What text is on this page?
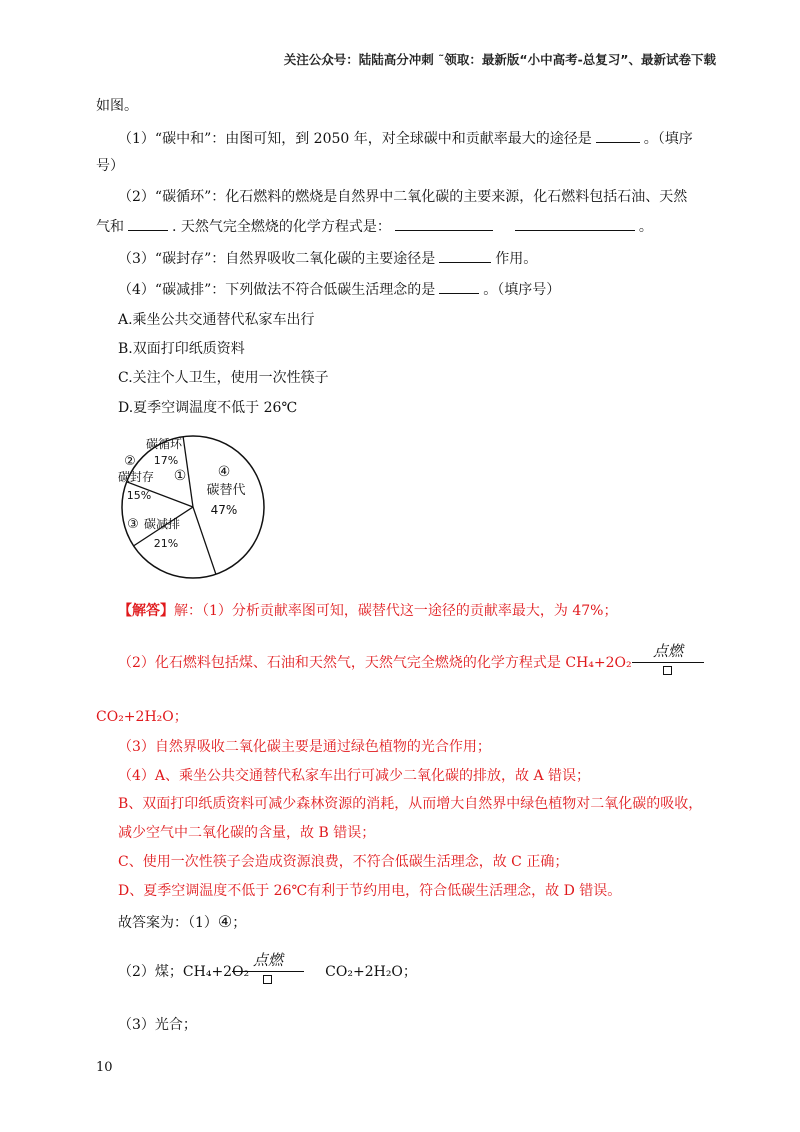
关注公众号：陆陆高分冲刺 ˜领取：最新版“小中高考-总复习”、最新试卷下载
如图。
（1）“碳中和”：由图可知，到 2050 年，对全球碳中和贡献率最大的途径是	。（填序
号）
（2）“碳循环”：化石燃料的燃烧是自然界中二氧化碳的主要来源，化石燃料包括石油、天然
气和	. 天然气完全燃烧的化学方程式是：	。
（3）“碳封存”：自然界吸收二氧化碳的主要途径是	作用。
（4）“碳减排”：下列做法不符合低碳生活理念的是	。（填序号）
A.乘坐公共交通替代私家车出行
B.双面打印纸质资料
C.关注个人卫生，使用一次性筷子
D.夏季空调温度不低于 26℃
①
碳循环
17%
②
碳封存
15%
③ 碳减排
21%
④
碳替代
47%
【解答】解：（1）分析贡献率图可知，碳替代这一途径的贡献率最大，为 47%；
（2）化石燃料包括煤、石油和天然气，天然气完全燃烧的化学方程式是 CH₄+2O₂
点燃
CO₂+2H₂O；
（3）自然界吸收二氧化碳主要是通过绿色植物的光合作用；
（4）A、乘坐公共交通替代私家车出行可减少二氧化碳的排放，故 A 错误；
B、双面打印纸质资料可减少森林资源的消耗，从而增大自然界中绿色植物对二氧化碳的吸收，
减少空气中二氧化碳的含量，故 B 错误；
C、使用一次性筷子会造成资源浪费，不符合低碳生活理念，故 C 正确；
D、夏季空调温度不低于 26℃有利于节约用电，符合低碳生活理念，故 D 错误。
故答案为：（1）④；
（2）煤；CH₄+2O₂	CO₂+2H₂O；
点燃
（3）光合；
10
